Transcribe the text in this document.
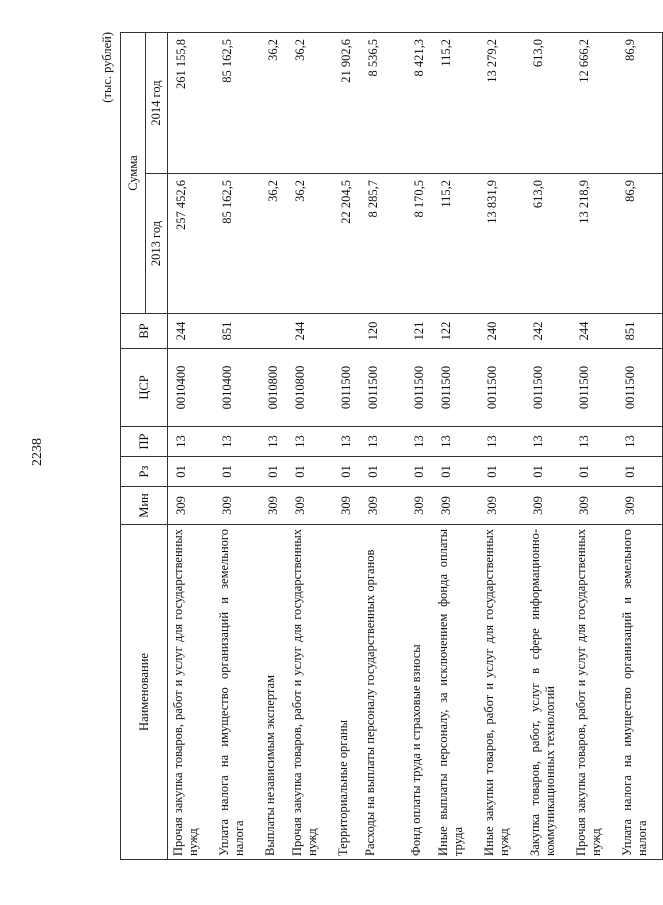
2238
(тыс. рублей)
Наименование	Мин	Рз	ПР	ЦСР	ВР	Сумма	
						2013 год	2014 год
Прочая закупка товаров, работ и услуг для государственных нужд	309	01	13	0010400	244	257 452,6	261 155,8
Уплата налога на имущество организаций и земельного налога	309	01	13	0010400	851	85 162,5	85 162,5
Выплаты независимым экспертам	309	01	13	0010800		36,2	36,2
Прочая закупка товаров, работ и услуг для государственных нужд	309	01	13	0010800	244	36,2	36,2
Территориальные органы	309	01	13	0011500		22 204,5	21 902,6
Расходы на выплаты персоналу государственных органов	309	01	13	0011500	120	8 285,7	8 536,5
Фонд оплаты труда и страховые взносы	309	01	13	0011500	121	8 170,5	8 421,3
Иные выплаты персоналу, за исключением фонда оплаты труда	309	01	13	0011500	122	115,2	115,2
Иные закупки товаров, работ и услуг для государственных нужд	309	01	13	0011500	240	13 831,9	13 279,2
Закупка товаров, работ, услуг в сфере информационно-коммуникационных технологий	309	01	13	0011500	242	613,0	613,0
Прочая закупка товаров, работ и услуг для государственных нужд	309	01	13	0011500	244	13 218,9	12 666,2
Уплата налога на имущество организаций и земельного налога	309	01	13	0011500	851	86,9	86,9
